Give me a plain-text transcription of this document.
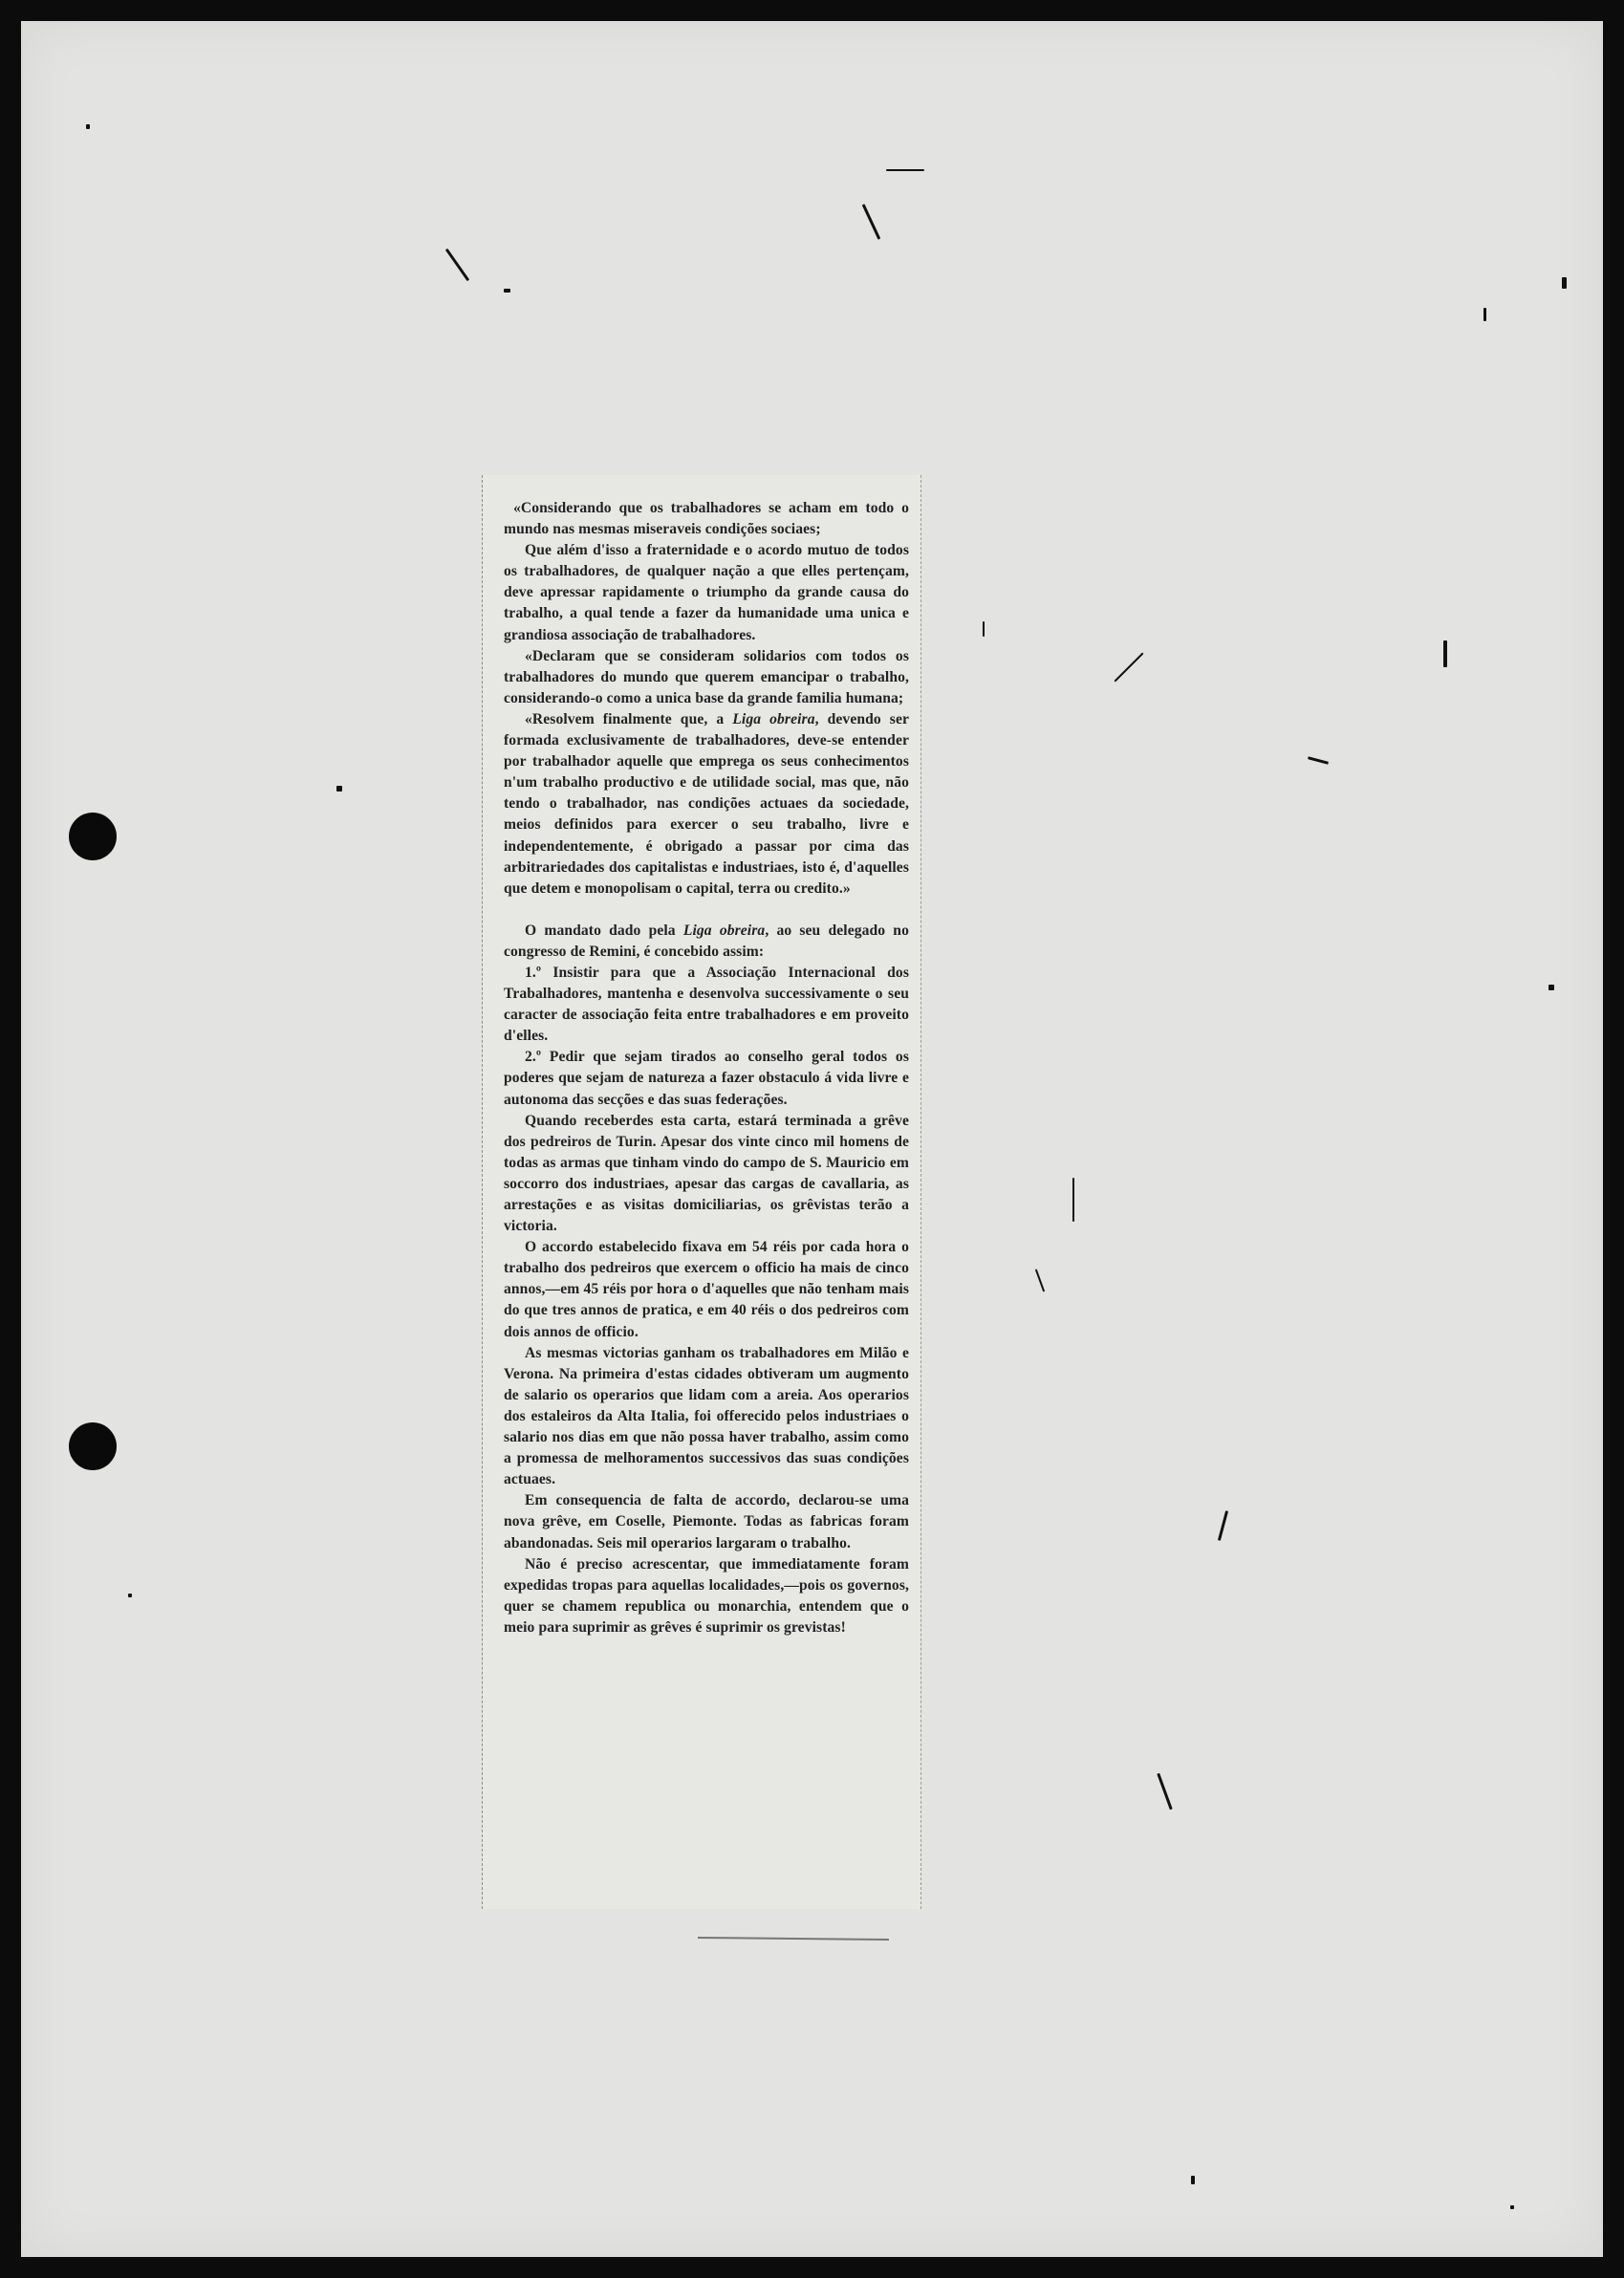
«Considerando que os trabalhadores se acham em todo o mundo nas mesmas miseraveis condições sociaes;

Que além d'isso a fraternidade e o acordo mutuo de todos os trabalhadores, de qualquer nação a que elles pertençam, deve apressar rapidamente o triumpho da grande causa do trabalho, a qual tende a fazer da humanidade uma unica e grandiosa associação de trabalhadores.

«Declaram que se consideram solidarios com todos os trabalhadores do mundo que querem emancipar o trabalho, considerando-o como a unica base da grande familia humana;

«Resolvem finalmente que, a Liga obreira, devendo ser formada exclusivamente de trabalhadores, deve-se entender por trabalhador aquelle que emprega os seus conhecimentos n'um trabalho productivo e de utilidade social, mas que, não tendo o trabalhador, nas condições actuaes da sociedade, meios definidos para exercer o seu trabalho, livre e independentemente, é obrigado a passar por cima das arbitrariedades dos capitalistas e industriaes, isto é, d'aquelles que detem e monopolisam o capital, terra ou credito.»

O mandato dado pela Liga obreira, ao seu delegado no congresso de Remini, é concebido assim:

1.º Insistir para que a Associação Internacional dos Trabalhadores, mantenha e desenvolva successivamente o seu caracter de associação feita entre trabalhadores e em proveito d'elles.

2.º Pedir que sejam tirados ao conselho geral todos os poderes que sejam de natureza a fazer obstaculo á vida livre e autonoma das secções e das suas federações.

Quando receberdes esta carta, estará terminada a grêve dos pedreiros de Turin. Apesar dos vinte cinco mil homens de todas as armas que tinham vindo do campo de S. Mauricio em soccorro dos industriaes, apesar das cargas de cavallaria, as arrestações e as visitas domiciliarias, os grêvistas terão a victoria.

O accordo estabelecido fixava em 54 réis por cada hora o trabalho dos pedreiros que exercem o officio ha mais de cinco annos,—em 45 réis por hora o d'aquelles que não tenham mais do que tres annos de pratica, e em 40 réis o dos pedreiros com dois annos de officio.

As mesmas victorias ganham os trabalhadores em Milão e Verona. Na primeira d'estas cidades obtiveram um augmento de salario os operarios que lidam com a areia. Aos operarios dos estaleiros da Alta Italia, foi offerecido pelos industriaes o salario nos dias em que não possa haver trabalho, assim como a promessa de melhoramentos successivos das suas condições actuaes.

Em consequencia de falta de accordo, declarou-se uma nova grêve, em Coselle, Piemonte. Todas as fabricas foram abandonadas. Seis mil operarios largaram o trabalho.

Não é preciso acrescentar, que immediatamente foram expedidas tropas para aquellas localidades,—pois os governos, quer se chamem republica ou monarchia, entendem que o meio para suprimir as grêves é suprimir os grevistas!
